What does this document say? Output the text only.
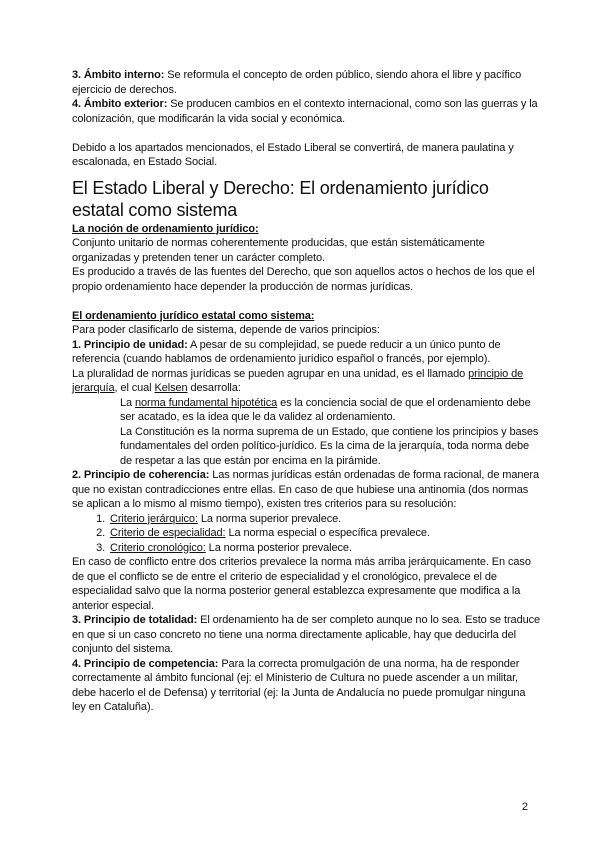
3. Ámbito interno: Se reformula el concepto de orden público, siendo ahora el libre y pacífico ejercicio de derechos.

4. Ámbito exterior: Se producen cambios en el contexto internacional, como son las guerras y la colonización, que modificarán la vida social y económica.

Debido a los apartados mencionados, el Estado Liberal se convertirá, de manera paulatina y escalonada, en Estado Social.

El Estado Liberal y Derecho: El ordenamiento jurídico estatal como sistema

La noción de ordenamiento jurídico:

Conjunto unitario de normas coherentemente producidas, que están sistemáticamente organizadas y pretenden tener un carácter completo.

Es producido a través de las fuentes del Derecho, que son aquellos actos o hechos de los que el propio ordenamiento hace depender la producción de normas jurídicas.

El ordenamiento jurídico estatal como sistema:

Para poder clasificarlo de sistema, depende de varios principios:

1. Principio de unidad: A pesar de su complejidad, se puede reducir a un único punto de referencia (cuando hablamos de ordenamiento jurídico español o francés, por ejemplo).

La pluralidad de normas jurídicas se pueden agrupar en una unidad, es el llamado principio de jerarquía, el cual Kelsen desarrolla:

La norma fundamental hipotética es la conciencia social de que el ordenamiento debe ser acatado, es la idea que le da validez al ordenamiento.

La Constitución es la norma suprema de un Estado, que contiene los principios y bases fundamentales del orden político-jurídico. Es la cima de la jerarquía, toda norma debe de respetar a las que están por encima en la pirámide.

2. Principio de coherencia: Las normas jurídicas están ordenadas de forma racional, de manera que no existan contradicciones entre ellas. En caso de que hubiese una antinomia (dos normas se aplican a lo mismo al mismo tiempo), existen tres criterios para su resolución:

1. Criterio jerárquico: La norma superior prevalece.
2. Criterio de especialidad: La norma especial o específica prevalece.
3. Criterio cronológico: La norma posterior prevalece.

En caso de conflicto entre dos criterios prevalece la norma más arriba jerárquicamente. En caso de que el conflicto se de entre el criterio de especialidad y el cronológico, prevalece el de especialidad salvo que la norma posterior general establezca expresamente que modifica a la anterior especial.

3. Principio de totalidad: El ordenamiento ha de ser completo aunque no lo sea. Esto se traduce en que si un caso concreto no tiene una norma directamente aplicable, hay que deducirla del conjunto del sistema.

4. Principio de competencia: Para la correcta promulgación de una norma, ha de responder correctamente al ámbito funcional (ej: el Ministerio de Cultura no puede ascender a un militar, debe hacerlo el de Defensa) y territorial (ej: la Junta de Andalucía no puede promulgar ninguna ley en Cataluña).

2
